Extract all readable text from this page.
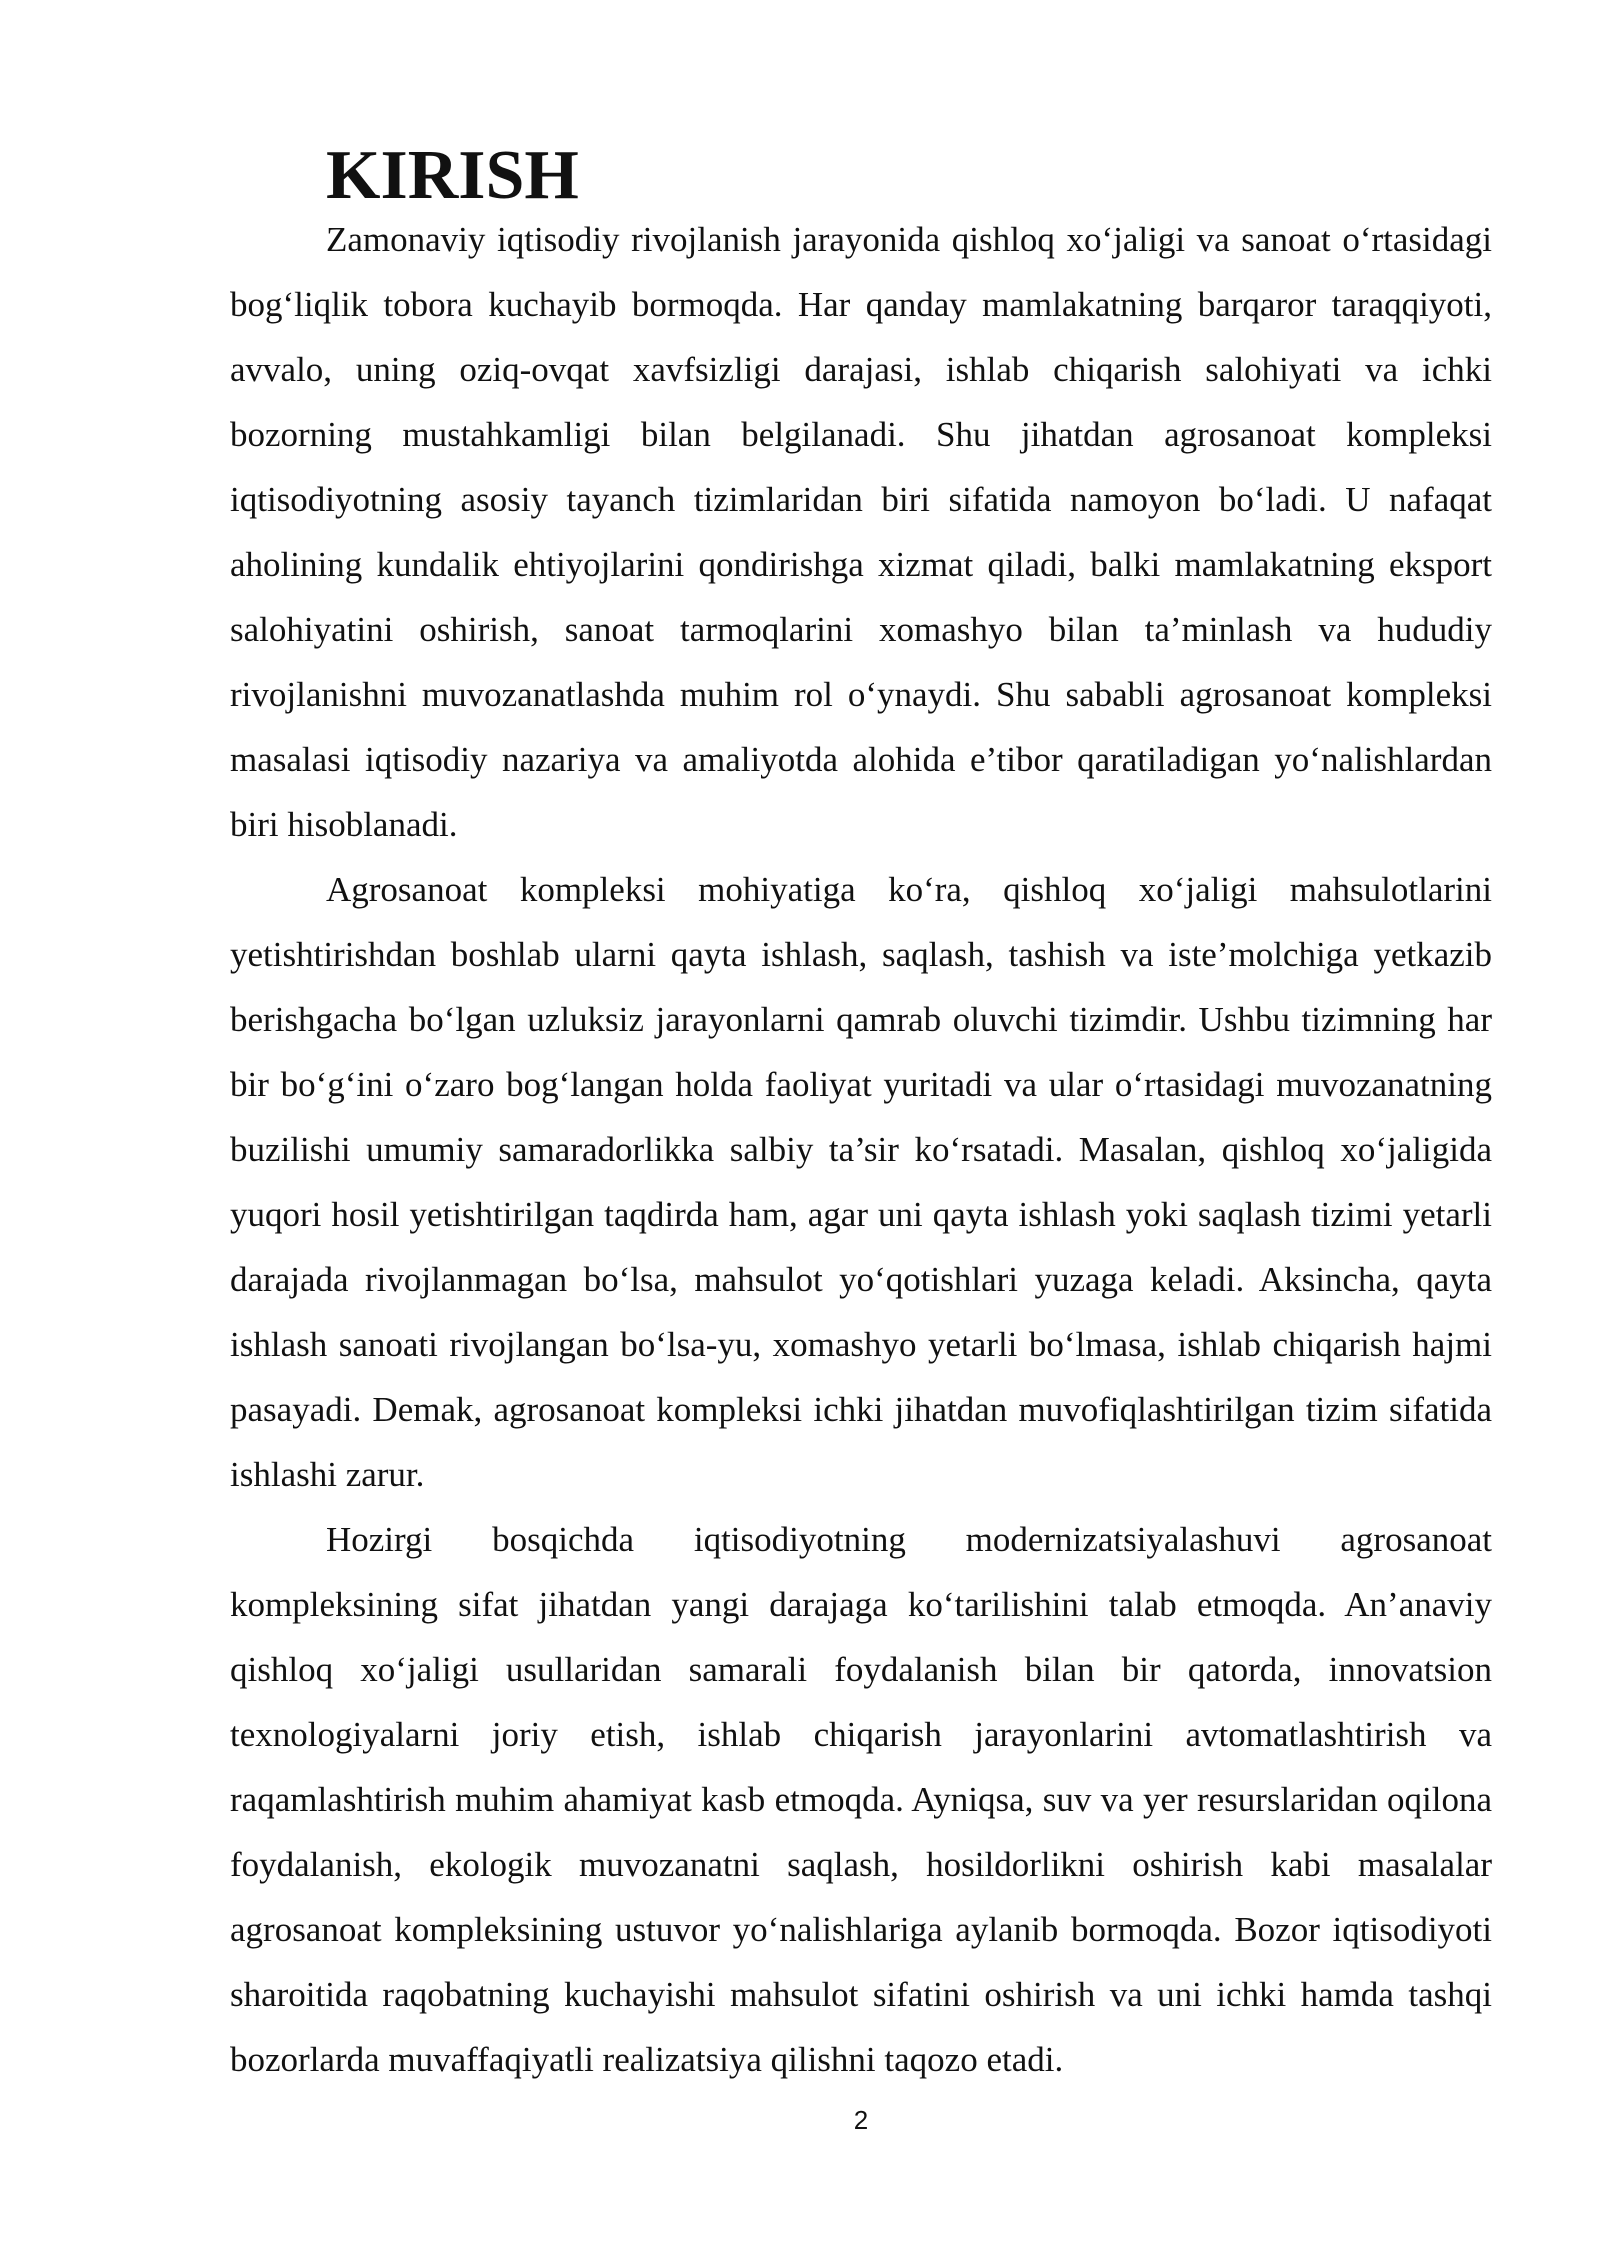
KIRISH

Zamonaviy iqtisodiy rivojlanish jarayonida qishloq xo‘jaligi va sanoat o‘rtasidagi bog‘liqlik tobora kuchayib bormoqda. Har qanday mamlakatning barqaror taraqqiyoti, avvalo, uning oziq-ovqat xavfsizligi darajasi, ishlab chiqarish salohiyati va ichki bozorning mustahkamligi bilan belgilanadi. Shu jihatdan agrosanoat kompleksi iqtisodiyotning asosiy tayanch tizimlaridan biri sifatida namoyon bo‘ladi. U nafaqat aholining kundalik ehtiyojlarini qondirishga xizmat qiladi, balki mamlakatning eksport salohiyatini oshirish, sanoat tarmoqlarini xomashyo bilan ta’minlash va hududiy rivojlanishni muvozanatlashda muhim rol o‘ynaydi. Shu sababli agrosanoat kompleksi masalasi iqtisodiy nazariya va amaliyotda alohida e’tibor qaratiladigan yo‘nalishlardan biri hisoblanadi.

Agrosanoat kompleksi mohiyatiga ko‘ra, qishloq xo‘jaligi mahsulotlarini yetishtirishdan boshlab ularni qayta ishlash, saqlash, tashish va iste’molchiga yetkazib berishgacha bo‘lgan uzluksiz jarayonlarni qamrab oluvchi tizimdir. Ushbu tizimning har bir bo‘g‘ini o‘zaro bog‘langan holda faoliyat yuritadi va ular o‘rtasidagi muvozanatning buzilishi umumiy samaradorlikka salbiy ta’sir ko‘rsatadi. Masalan, qishloq xo‘jaligida yuqori hosil yetishtirilgan taqdirda ham, agar uni qayta ishlash yoki saqlash tizimi yetarli darajada rivojlanmagan bo‘lsa, mahsulot yo‘qotishlari yuzaga keladi. Aksincha, qayta ishlash sanoati rivojlangan bo‘lsa-yu, xomashyo yetarli bo‘lmasa, ishlab chiqarish hajmi pasayadi. Demak, agrosanoat kompleksi ichki jihatdan muvofiqlashtirilgan tizim sifatida ishlashi zarur.

Hozirgi bosqichda iqtisodiyotning modernizatsiyalashuvi agrosanoat kompleksining sifat jihatdan yangi darajaga ko‘tarilishini talab etmoqda. An’anaviy qishloq xo‘jaligi usullaridan samarali foydalanish bilan bir qatorda, innovatsion texnologiyalarni joriy etish, ishlab chiqarish jarayonlarini avtomatlashtirish va raqamlashtirish muhim ahamiyat kasb etmoqda. Ayniqsa, suv va yer resurslaridan oqilona foydalanish, ekologik muvozanatni saqlash, hosildorlikni oshirish kabi masalalar agrosanoat kompleksining ustuvor yo‘nalishlariga aylanib bormoqda. Bozor iqtisodiyoti sharoitida raqobatning kuchayishi mahsulot sifatini oshirish va uni ichki hamda tashqi bozorlarda muvaffaqiyatli realizatsiya qilishni taqozo etadi.

2
